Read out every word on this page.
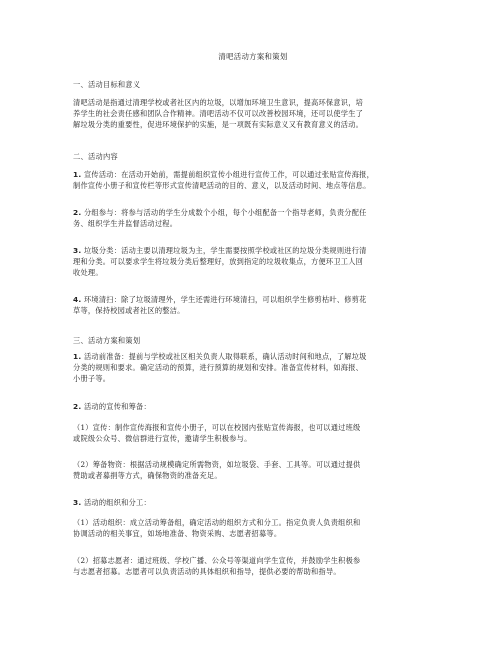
清吧活动方案和策划
一、活动目标和意义
清吧活动是指通过清理学校或者社区内的垃圾，以增加环境卫生意识，提高环保意识，培
养学生的社会责任感和团队合作精神。清吧活动不仅可以改善校园环境，还可以使学生了
解垃圾分类的重要性，促进环境保护的实施，是一项既有实际意义又有教育意义的活动。
二、活动内容
1. 宣传活动：在活动开始前，需提前组织宣传小组进行宣传工作，可以通过张贴宣传海报，
制作宣传小册子和宣传栏等形式宣传清吧活动的目的、意义，以及活动时间、地点等信息。
2. 分组参与：将参与活动的学生分成数个小组，每个小组配备一个指导老师，负责分配任
务、组织学生并监督活动过程。
3. 垃圾分类：活动主要以清理垃圾为主，学生需要按照学校或社区的垃圾分类规则进行清
理和分类。可以要求学生将垃圾分类后整理好，放到指定的垃圾收集点，方便环卫工人回
收处理。
4. 环境清扫：除了垃圾清理外，学生还需进行环境清扫，可以组织学生修剪枯叶、修剪花
草等，保持校园或者社区的整洁。
三、活动方案和策划
1. 活动前准备：提前与学校或社区相关负责人取得联系，确认活动时间和地点，了解垃圾
分类的规则和要求。确定活动的预算，进行预算的规划和安排。准备宣传材料，如海报、
小册子等。
2. 活动的宣传和筹备：
（1）宣传：制作宣传海报和宣传小册子，可以在校园内张贴宣传海报，也可以通过班级
或院级公众号、微信群进行宣传，邀请学生积极参与。
（2）筹备物资：根据活动规模确定所需物资，如垃圾袋、手套、工具等。可以通过提供
赞助或者募捐等方式，确保物资的准备充足。
3. 活动的组织和分工：
（1）活动组织：成立活动筹备组，确定活动的组织方式和分工。指定负责人负责组织和
协调活动的相关事宜，如场地准备、物资采购、志愿者招募等。
（2）招募志愿者：通过班级、学校广播、公众号等渠道向学生宣传，并鼓励学生积极参
与志愿者招募。志愿者可以负责活动的具体组织和指导，提供必要的帮助和指导。
